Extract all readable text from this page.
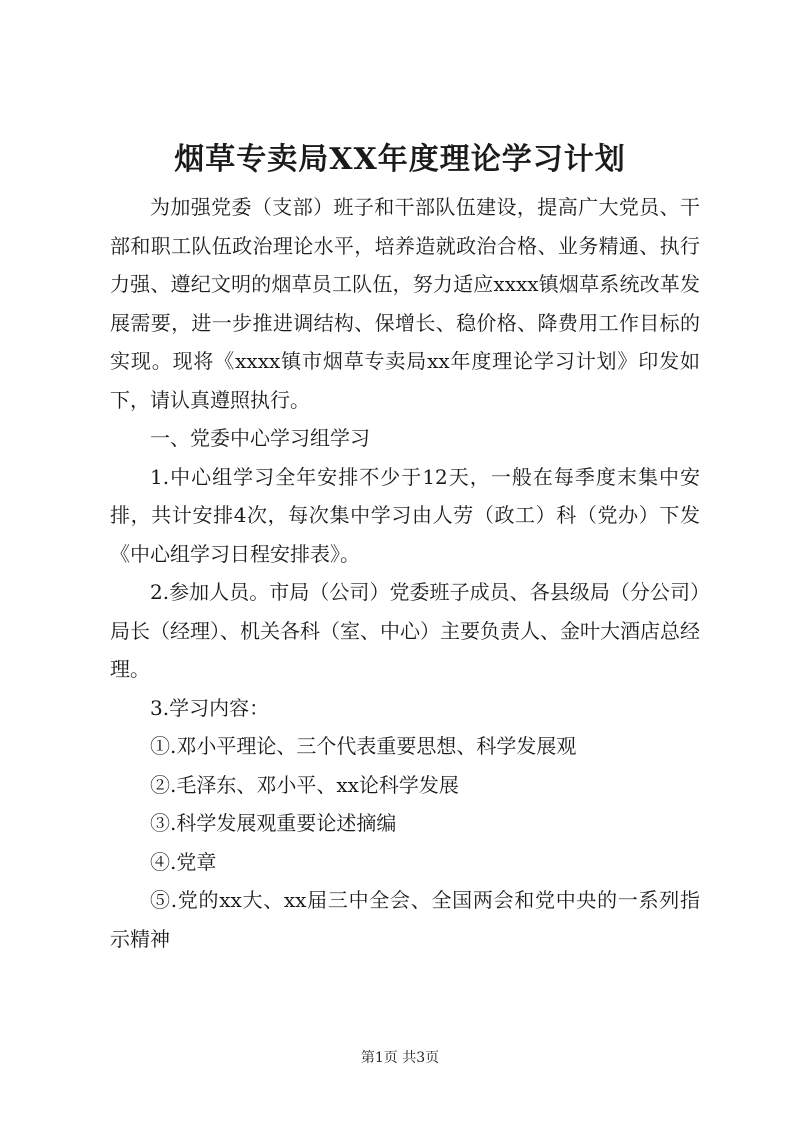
烟草专卖局XX年度理论学习计划

为加强党委（支部）班子和干部队伍建设，提高广大党员、干部和职工队伍政治理论水平，培养造就政治合格、业务精通、执行力强、遵纪文明的烟草员工队伍，努力适应xxxx镇烟草系统改革发展需要，进一步推进调结构、保增长、稳价格、降费用工作目标的实现。现将《xxxx镇市烟草专卖局xx年度理论学习计划》印发如下，请认真遵照执行。

一、党委中心学习组学习

1.中心组学习全年安排不少于12天，一般在每季度末集中安排，共计安排4次，每次集中学习由人劳（政工）科（党办）下发《中心组学习日程安排表》。

2.参加人员。市局（公司）党委班子成员、各县级局（分公司）局长（经理）、机关各科（室、中心）主要负责人、金叶大酒店总经理。

3.学习内容：

①.邓小平理论、三个代表重要思想、科学发展观

②.毛泽东、邓小平、xx论科学发展

③.科学发展观重要论述摘编

④.党章

⑤.党的xx大、xx届三中全会、全国两会和党中央的一系列指示精神

第1页 共3页
